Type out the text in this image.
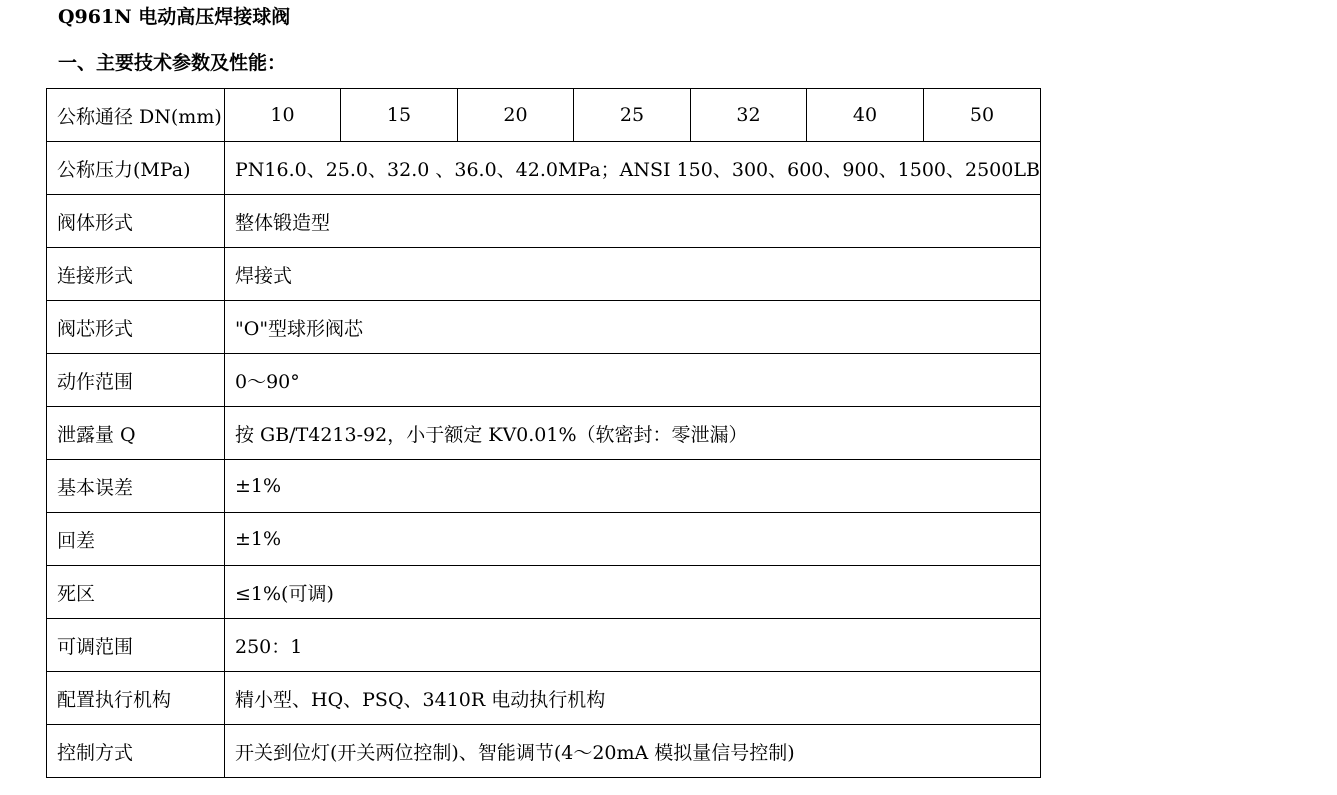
Q961N 电动高压焊接球阀
一、主要技术参数及性能：
公称通径 DN(mm)	10	15	20	25	32	40	50
公称压力(MPa)	PN16.0、25.0、32.0 、36.0、42.0MPa；ANSI 150、300、600、900、1500、2500LB						
阀体形式	整体锻造型						
连接形式	焊接式						
阀芯形式	"O"型球形阀芯						
动作范围	0～90°						
泄露量 Q	按 GB/T4213-92，小于额定 KV0.01%（软密封：零泄漏）						
基本误差	±1%						
回差	±1%						
死区	≤1%(可调)						
可调范围	250：1						
配置执行机构	精小型、HQ、PSQ、3410R 电动执行机构						
控制方式	开关到位灯(开关两位控制)、智能调节(4～20mA 模拟量信号控制)						
